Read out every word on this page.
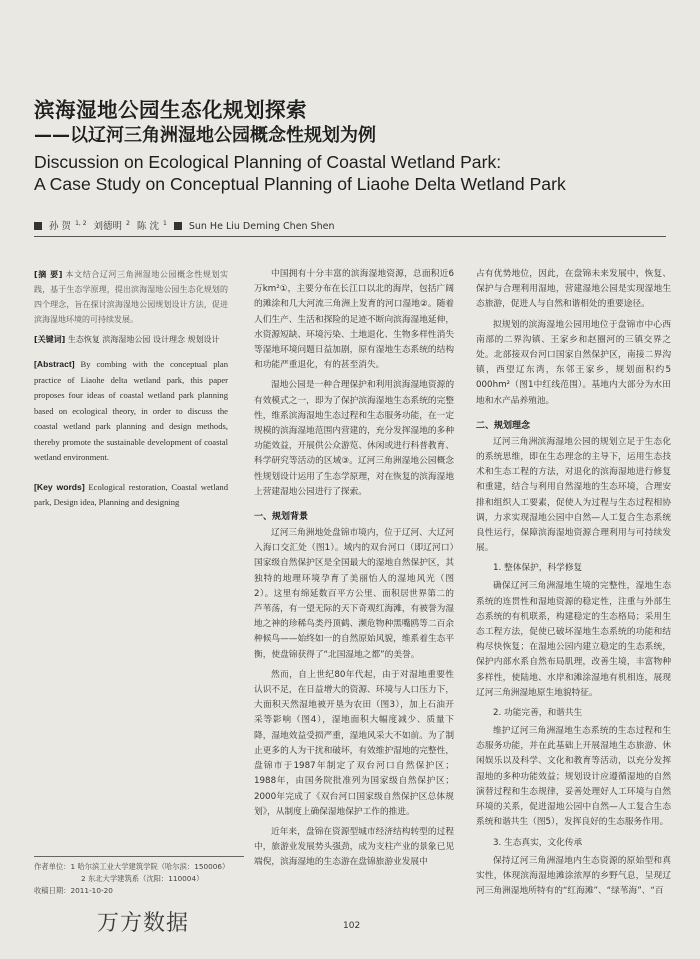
滨海湿地公园生态化规划探索
——以辽河三角洲湿地公园概念性规划为例
Discussion on Ecological Planning of Coastal Wetland Park:
A Case Study on Conceptual Planning of Liaohe Delta Wetland Park
孙 贺 $^{1, 2}$ 刘德明 $^2$ 陈 沈 $^1$ Sun He Liu Deming Chen Shen

[摘 要] 本文结合辽河三角洲湿地公园概念性规划实践，基于生态学原理，提出滨海湿地公园生态化规划的四个理念，旨在探讨滨海湿地公园规划设计方法，促进滨海湿地环境的可持续发展。

[关键词] 生态恢复 滨海湿地公园 设计理念 规划设计

[Abstract] By combing with the conceptual plan practice of Liaohe delta wetland park, this paper proposes four ideas of coastal wetland park planning based on ecological theory, in order to discuss the coastal wetland park planning and design methods, thereby promote the sustainable development of coastal wetland environment.

[Key words] Ecological restoration, Coastal wetland park, Design idea, Planning and designing

中国拥有十分丰富的滨海湿地资源，总面积近6万km²①，主要分布在长江口以北的海岸，包括广阔的滩涂和几大河流三角洲上发育的河口湿地②。随着人们生产、生活和探险的足迹不断向滨海湿地延伸，水资源短缺、环境污染、土地退化、生物多样性消失等湿地环境问题日益加剧，原有湿地生态系统的结构和功能严重退化，有的甚至消失。

湿地公园是一种合理保护和利用滨海湿地资源的有效模式之一，即为了保护滨海湿地生态系统的完整性，维系滨海湿地生态过程和生态服务功能，在一定规模的滨海湿地范围内营建的，充分发挥湿地的多种功能效益，开展供公众游览、休闲或进行科普教育、科学研究等活动的区域③。辽河三角洲湿地公园概念性规划设计运用了生态学原理，对在恢复的滨海湿地上营建湿地公园进行了探索。

一、规划背景

辽河三角洲地处盘锦市境内，位于辽河、大辽河入海口交汇处（图1）。域内的双台河口（即辽河口）国家级自然保护区是全国最大的湿地自然保护区，其独特的地理环境孕育了美丽怡人的湿地风光（图2）。这里有绵延数百平方公里、面积居世界第二的芦苇荡，有一望无际的天下奇观红海滩，有被誉为湿地之神的珍稀鸟类丹顶鹤、濒危物种黑嘴鸥等二百余种候鸟——始终如一的自然原始风貌，维系着生态平衡，使盘锦获得了“北国湿地之都”的美誉。

然而，自上世纪80年代起，由于对湿地重要性认识不足，在日益增大的资源、环境与人口压力下，大面积天然湿地被开垦为农田（图3），加上石油开采等影响（图4），湿地面积大幅度减少、质量下降，湿地效益受损严重，湿地风采大不如前。为了制止更多的人为干扰和破坏，有效维护湿地的完整性，盘锦市于1987年制定了双台河口自然保护区；1988年，由国务院批准列为国家级自然保护区；2000年完成了《双台河口国家级自然保护区总体规划》，从制度上确保湿地保护工作的推进。

近年来，盘锦在资源型城市经济结构转型的过程中，旅游业发展势头强劲，成为支柱产业的景象已见端倪，滨海湿地的生态游在盘锦旅游业发展中

占有优势地位，因此，在盘锦未来发展中，恢复、保护与合理利用湿地，营建湿地公园是实现湿地生态旅游，促进人与自然和谐相处的重要途径。

拟规划的滨海湿地公园用地位于盘锦市中心西南部的二界沟镇、王家乡和赵圈河的三镇交界之处。北部接双台河口国家自然保护区，南接二界沟镇，西望辽东湾，东邻王家乡，规划面积约5 000hm²（图1中红线范围）。基地内大部分为水田地和水产品养殖池。

二、规划理念

辽河三角洲滨海湿地公园的规划立足于生态化的系统思维，即在生态理念的主导下，运用生态技术和生态工程的方法，对退化的滨海湿地进行修复和重建，结合与利用自然湿地的生态环境，合理安排和组织人工要素，促使人为过程与生态过程相协调，力求实现湿地公园中自然—人工复合生态系统良性运行，保障滨海湿地资源合理利用与可持续发展。

1. 整体保护，科学修复

确保辽河三角洲湿地生境的完整性，湿地生态系统的连贯性和湿地资源的稳定性，注重与外部生态系统的有机联系，构建稳定的生态格局；采用生态工程方法，促使已破坏湿地生态系统的功能和结构尽快恢复；在湿地公园内建立稳定的生态系统，保护内部水系自然布局肌理，改善生境，丰富物种多样性，使陆地、水岸和滩涂湿地有机相连，展现辽河三角洲湿地原生地貌特征。

2. 功能完善，和谐共生

维护辽河三角洲湿地生态系统的生态过程和生态服务功能，并在此基础上开展湿地生态旅游、休闲娱乐以及科学、文化和教育等活动，以充分发挥湿地的多种功能效益；规划设计应遵循湿地的自然演替过程和生态规律，妥善处理好人工环境与自然环境的关系，促进湿地公园中自然—人工复合生态系统和谐共生（图5），发挥良好的生态服务作用。

3. 生态真实，文化传承

保持辽河三角洲湿地内生态资源的原始型和真实性，体现滨海湿地滩涂浓厚的乡野气息，呈现辽河三角洲湿地所特有的“红海滩”、“绿苇海”、“百

作者单位：1 哈尔滨工业大学建筑学院（哈尔滨：150006）
2 东北大学建筑系（沈阳：110004）
收稿日期：2011-10-20
万方数据	102
